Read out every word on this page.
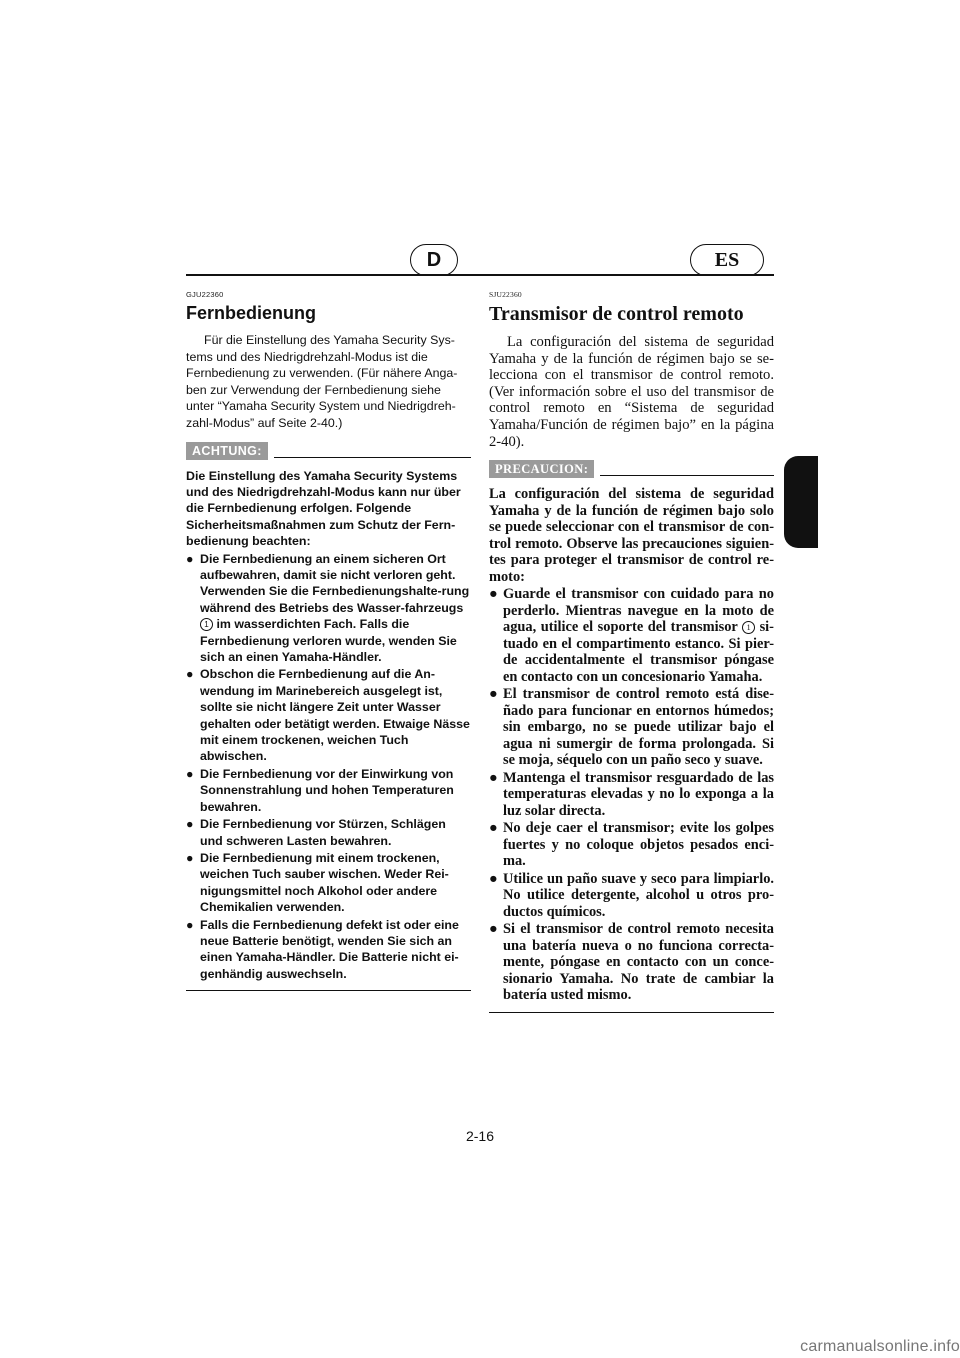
D	ES
GJU22360
Fernbedienung

Für die Einstellung des Yamaha Security Sys-tems und des Niedrigdrehzahl-Modus ist die Fernbedienung zu verwenden. (Für nähere Anga-ben zur Verwendung der Fernbedienung siehe unter “Yamaha Security System und Niedrigdreh-zahl-Modus” auf Seite 2-40.)

ACHTUNG:

Die Einstellung des Yamaha Security Systems und des Niedrigdrehzahl-Modus kann nur über die Fernbedienung erfolgen. Folgende Sicherheitsmaßnahmen zum Schutz der Fern-bedienung beachten:

● Die Fernbedienung an einem sicheren Ort aufbewahren, damit sie nicht verloren geht. Verwenden Sie die Fernbedienungshalte-rung während des Betriebs des Wasser-fahrzeugs 1 im wasserdichten Fach. Falls die Fernbedienung verloren wurde, wenden Sie sich an einen Yamaha-Händler.
● Obschon die Fernbedienung auf die An-wendung im Marinebereich ausgelegt ist, sollte sie nicht längere Zeit unter Wasser gehalten oder betätigt werden. Etwaige Nässe mit einem trockenen, weichen Tuch abwischen.
● Die Fernbedienung vor der Einwirkung von Sonnenstrahlung und hohen Temperaturen bewahren.
● Die Fernbedienung vor Stürzen, Schlägen und schweren Lasten bewahren.
● Die Fernbedienung mit einem trockenen, weichen Tuch sauber wischen. Weder Rei-nigungsmittel noch Alkohol oder andere Chemikalien verwenden.
● Falls die Fernbedienung defekt ist oder eine neue Batterie benötigt, wenden Sie sich an einen Yamaha-Händler. Die Batterie nicht ei-genhändig auswechseln.
SJU22360
Transmisor de control remoto

La configuración del sistema de seguridad Yamaha y de la función de régimen bajo se se-lecciona con el transmisor de control remoto. (Ver información sobre el uso del transmisor de control remoto en “Sistema de seguridad Yamaha/Función de régimen bajo” en la página 2-40).

PRECAUCION:

La configuración del sistema de seguridad Yamaha y de la función de régimen bajo solo se puede seleccionar con el transmisor de con-trol remoto. Observe las precauciones siguien-tes para proteger el transmisor de control re-moto:

● Guarde el transmisor con cuidado para no perderlo. Mientras navegue en la moto de agua, utilice el soporte del transmisor 1 si-tuado en el compartimento estanco. Si pier-de accidentalmente el transmisor póngase en contacto con un concesionario Yamaha.
● El transmisor de control remoto está dise-ñado para funcionar en entornos húmedos; sin embargo, no se puede utilizar bajo el agua ni sumergir de forma prolongada. Si se moja, séquelo con un paño seco y suave.
● Mantenga el transmisor resguardado de las temperaturas elevadas y no lo exponga a la luz solar directa.
● No deje caer el transmisor; evite los golpes fuertes y no coloque objetos pesados enci-ma.
● Utilice un paño suave y seco para limpiarlo. No utilice detergente, alcohol u otros pro-ductos químicos.
● Si el transmisor de control remoto necesita una batería nueva o no funciona correcta-mente, póngase en contacto con un conce-sionario Yamaha. No trate de cambiar la batería usted mismo.
2-16
carmanualsonline.info
